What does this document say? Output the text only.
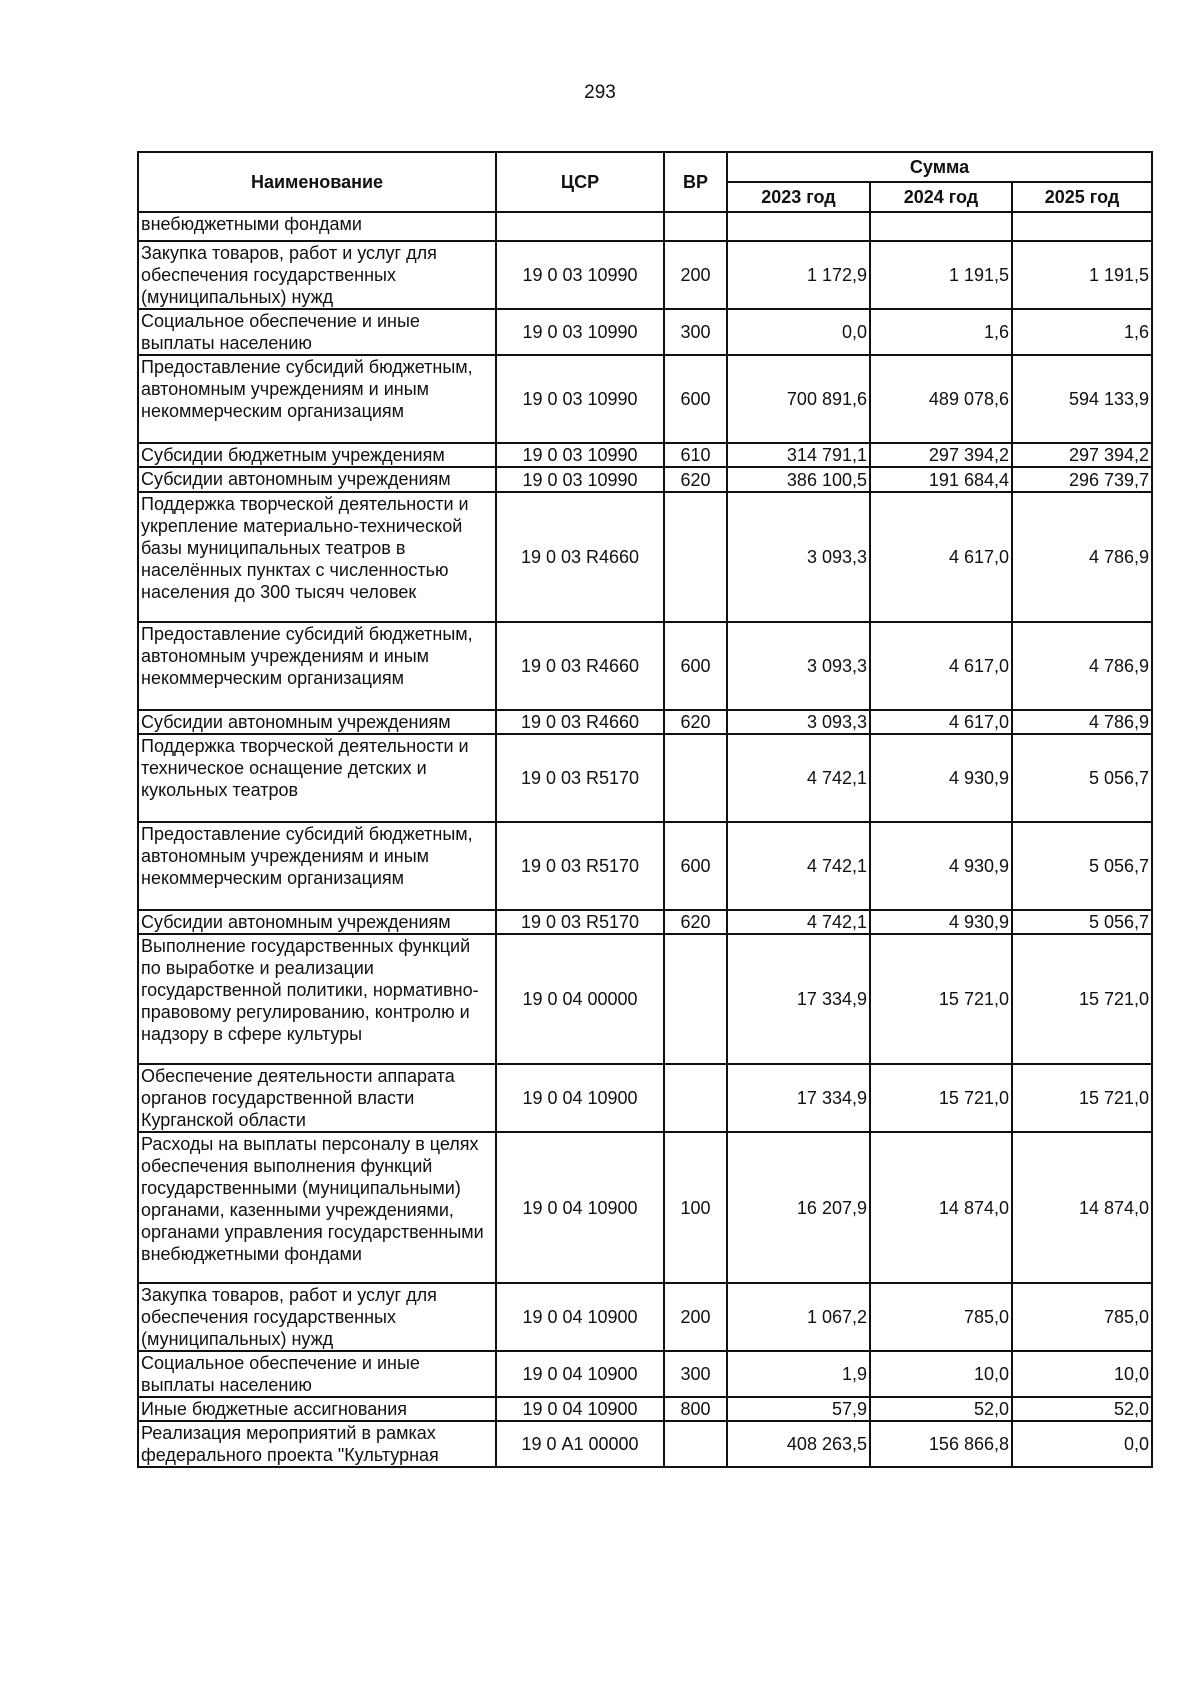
293
Наименование	ЦСР	ВР	Сумма		
			2023 год	2024 год	2025 год
внебюджетными фондами					
Закупка товаров, работ и услуг для обеспечения государственных (муниципальных) нужд	19 0 03 10990	200	1 172,9	1 191,5	1 191,5
Социальное обеспечение и иные выплаты населению	19 0 03 10990	300	0,0	1,6	1,6
Предоставление субсидий бюджетным, автономным учреждениям и иным некоммерческим организациям	19 0 03 10990	600	700 891,6	489 078,6	594 133,9
Субсидии бюджетным учреждениям	19 0 03 10990	610	314 791,1	297 394,2	297 394,2
Субсидии автономным учреждениям	19 0 03 10990	620	386 100,5	191 684,4	296 739,7
Поддержка творческой деятельности и укрепление материально-технической базы муниципальных театров в населённых пунктах с численностью населения до 300 тысяч человек	19 0 03 R4660		3 093,3	4 617,0	4 786,9
Предоставление субсидий бюджетным, автономным учреждениям и иным некоммерческим организациям	19 0 03 R4660	600	3 093,3	4 617,0	4 786,9
Субсидии автономным учреждениям	19 0 03 R4660	620	3 093,3	4 617,0	4 786,9
Поддержка творческой деятельности и техническое оснащение детских и кукольных театров	19 0 03 R5170		4 742,1	4 930,9	5 056,7
Предоставление субсидий бюджетным, автономным учреждениям и иным некоммерческим организациям	19 0 03 R5170	600	4 742,1	4 930,9	5 056,7
Субсидии автономным учреждениям	19 0 03 R5170	620	4 742,1	4 930,9	5 056,7
Выполнение государственных функций по выработке и реализации государственной политики, нормативно-правовому регулированию, контролю и надзору в сфере культуры	19 0 04 00000		17 334,9	15 721,0	15 721,0
Обеспечение деятельности аппарата органов государственной власти Курганской области	19 0 04 10900		17 334,9	15 721,0	15 721,0
Расходы на выплаты персоналу в целях обеспечения выполнения функций государственными (муниципальными) органами, казенными учреждениями, органами управления государственными внебюджетными фондами	19 0 04 10900	100	16 207,9	14 874,0	14 874,0
Закупка товаров, работ и услуг для обеспечения государственных (муниципальных) нужд	19 0 04 10900	200	1 067,2	785,0	785,0
Социальное обеспечение и иные выплаты населению	19 0 04 10900	300	1,9	10,0	10,0
Иные бюджетные ассигнования	19 0 04 10900	800	57,9	52,0	52,0
Реализация мероприятий в рамках федерального проекта "Культурная	19 0 А1 00000		408 263,5	156 866,8	0,0
